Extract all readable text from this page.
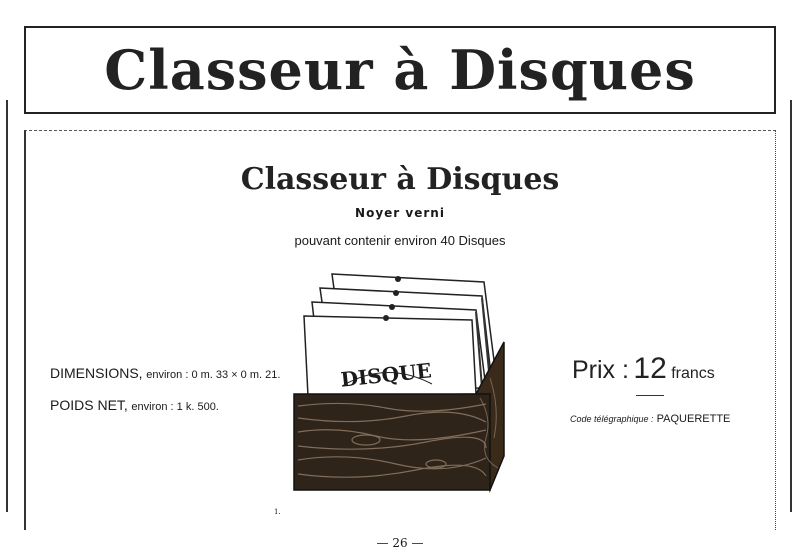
Classeur à Disques
Classeur à Disques
Noyer verni
pouvant contenir environ 40 Disques
DIMENSIONS, environ : 0 m. 33 × 0 m. 21.
POIDS NET, environ : 1 k. 500.
Prix : 12 francs
Code télégraphique : PAQUERETTE
DISQUE
1.
— 26 —
